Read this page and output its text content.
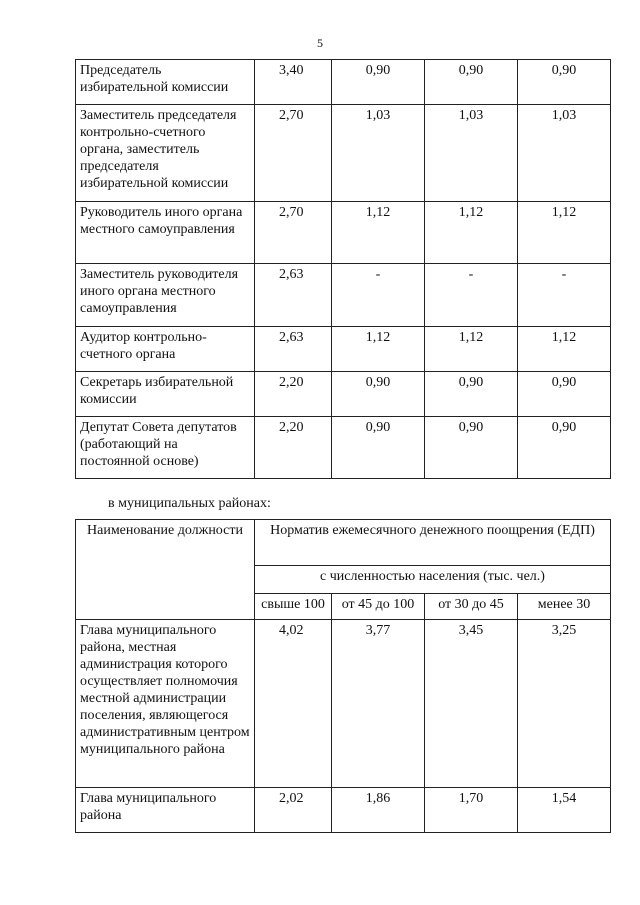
5
Председатель избирательной комиссии	3,40	0,90	0,90	0,90
Заместитель председателя контрольно-счетного органа, заместитель председателя избирательной комиссии	2,70	1,03	1,03	1,03
Руководитель иного органа местного самоуправления	2,70	1,12	1,12	1,12
Заместитель руководителя иного органа местного самоуправления	2,63	-	-	-
Аудитор контрольно-счетного органа	2,63	1,12	1,12	1,12
Секретарь избирательной комиссии	2,20	0,90	0,90	0,90
Депутат Совета депутатов (работающий на постоянной основе)	2,20	0,90	0,90	0,90
в муниципальных районах:
Наименование должности	Норматив ежемесячного денежного поощрения (ЕДП)			
	с численностью населения (тыс. чел.)			
	свыше 100	от 45 до 100	от 30 до 45	менее 30
Глава муниципального района, местная администрация которого осуществляет полномочия местной администрации поселения, являющегося административным центром муниципального района	4,02	3,77	3,45	3,25
Глава муниципального района	2,02	1,86	1,70	1,54
